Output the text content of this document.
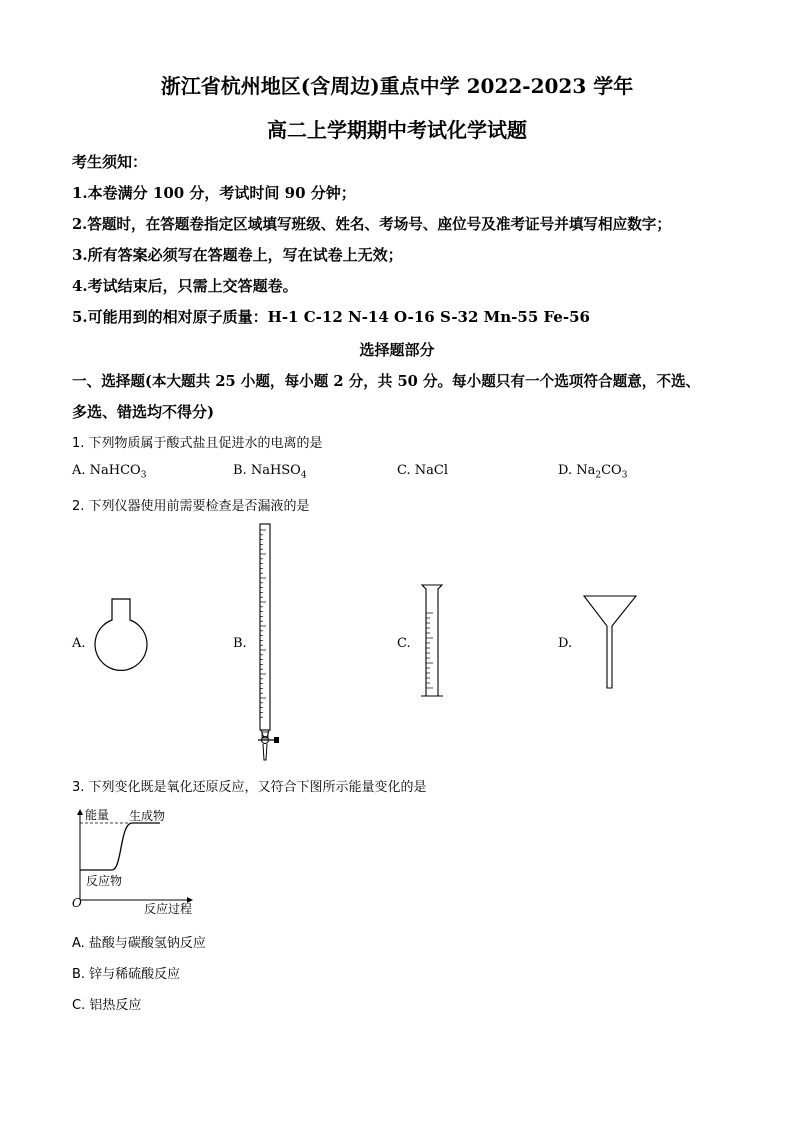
浙江省杭州地区(含周边)重点中学 2022-2023 学年
高二上学期期中考试化学试题
考生须知：
1.本卷满分 100 分，考试时间 90 分钟；
2.答题时，在答题卷指定区域填写班级、姓名、考场号、座位号及准考证号并填写相应数字；
3.所有答案必须写在答题卷上，写在试卷上无效；
4.考试结束后，只需上交答题卷。
5.可能用到的相对原子质量：H-1 C-12 N-14 O-16 S-32 Mn-55 Fe-56
选择题部分
一、选择题(本大题共 25 小题，每小题 2 分，共 50 分。每小题只有一个选项符合题意，不选、
多选、错选均不得分)
1. 下列物质属于酸式盐且促进水的电离的是
A. NaHCO$_3$	B. NaHSO$_4$	C. NaCl	D. $Na_2CO_3$
2. 下列仪器使用前需要检查是否漏液的是
A.	B.	C.	D.
3. 下列变化既是氧化还原反应，又符合下图所示能量变化的是
能量 生成物
反应物
O	反应过程
A. 盐酸与碳酸氢钠反应
B. 锌与稀硫酸反应
C. 铝热反应
